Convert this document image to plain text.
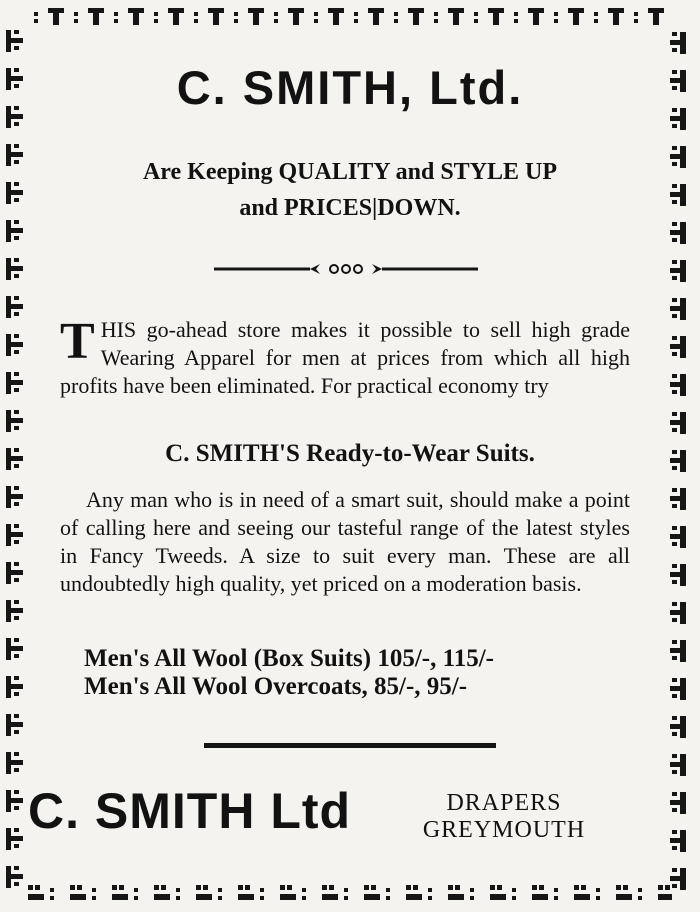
C. SMITH, Ltd.
Are Keeping QUALITY and STYLE UP
and PRICES|DOWN.
THIS go-ahead store makes it possible to sell high grade Wearing Apparel for men at prices from which all high profits have been eliminated. For practical economy try
C. SMITH'S Ready-to-Wear Suits.
Any man who is in need of a smart suit, should make a point of calling here and seeing our tasteful range of the latest styles in Fancy Tweeds. A size to suit every man. These are all undoubtedly high quality, yet priced on a moderation basis.
Men's All Wool (Box Suits) 105/-, 115/-
Men's All Wool Overcoats, 85/-, 95/-
C. SMITH Ltd	DRAPERS
GREYMOUTH
